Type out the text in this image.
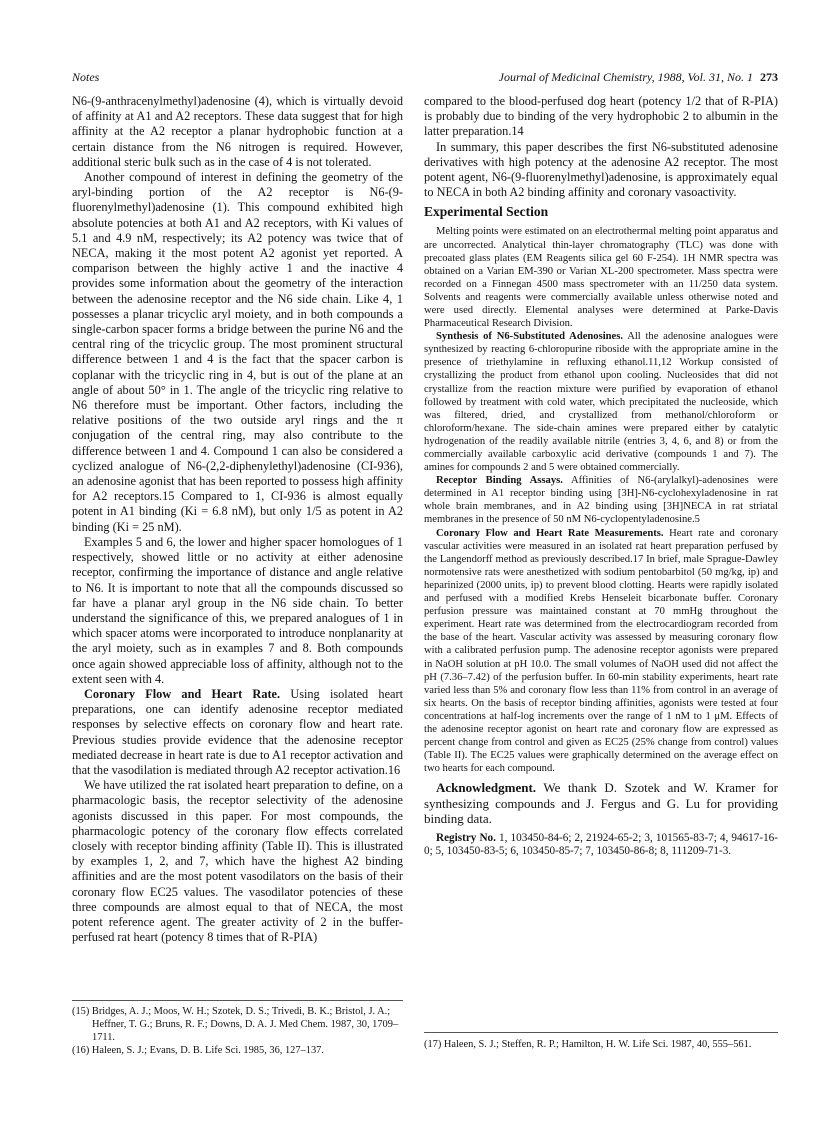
Notes	Journal of Medicinal Chemistry, 1988, Vol. 31, No. 1 273

N6-(9-anthracenylmethyl)adenosine (4), which is virtually devoid of affinity at A1 and A2 receptors. These data suggest that for high affinity at the A2 receptor a planar hydrophobic function at a certain distance from the N6 nitrogen is required. However, additional steric bulk such as in the case of 4 is not tolerated.

Another compound of interest in defining the geometry of the aryl-binding portion of the A2 receptor is N6-(9-fluorenylmethyl)adenosine (1). This compound exhibited high absolute potencies at both A1 and A2 receptors, with Ki values of 5.1 and 4.9 nM, respectively; its A2 potency was twice that of NECA, making it the most potent A2 agonist yet reported. A comparison between the highly active 1 and the inactive 4 provides some information about the geometry of the interaction between the adenosine receptor and the N6 side chain. Like 4, 1 possesses a planar tricyclic aryl moiety, and in both compounds a single-carbon spacer forms a bridge between the purine N6 and the central ring of the tricyclic group. The most prominent structural difference between 1 and 4 is the fact that the spacer carbon is coplanar with the tricyclic ring in 4, but is out of the plane at an angle of about 50° in 1. The angle of the tricyclic ring relative to N6 therefore must be important. Other factors, including the relative positions of the two outside aryl rings and the π conjugation of the central ring, may also contribute to the difference between 1 and 4. Compound 1 can also be considered a cyclized analogue of N6-(2,2-diphenylethyl)adenosine (CI-936), an adenosine agonist that has been reported to possess high affinity for A2 receptors.15 Compared to 1, CI-936 is almost equally potent in A1 binding (Ki = 6.8 nM), but only 1/5 as potent in A2 binding (Ki = 25 nM).

Examples 5 and 6, the lower and higher spacer homologues of 1 respectively, showed little or no activity at either adenosine receptor, confirming the importance of distance and angle relative to N6. It is important to note that all the compounds discussed so far have a planar aryl group in the N6 side chain. To better understand the significance of this, we prepared analogues of 1 in which spacer atoms were incorporated to introduce nonplanarity at the aryl moiety, such as in examples 7 and 8. Both compounds once again showed appreciable loss of affinity, although not to the extent seen with 4.

Coronary Flow and Heart Rate. Using isolated heart preparations, one can identify adenosine receptor mediated responses by selective effects on coronary flow and heart rate. Previous studies provide evidence that the adenosine receptor mediated decrease in heart rate is due to A1 receptor activation and that the vasodilation is mediated through A2 receptor activation.16

We have utilized the rat isolated heart preparation to define, on a pharmacologic basis, the receptor selectivity of the adenosine agonists discussed in this paper. For most compounds, the pharmacologic potency of the coronary flow effects correlated closely with receptor binding affinity (Table II). This is illustrated by examples 1, 2, and 7, which have the highest A2 binding affinities and are the most potent vasodilators on the basis of their coronary flow EC25 values. The vasodilator potencies of these three compounds are almost equal to that of NECA, the most potent reference agent. The greater activity of 2 in the buffer-perfused rat heart (potency 8 times that of R-PIA)

compared to the blood-perfused dog heart (potency 1/2 that of R-PIA) is probably due to binding of the very hydrophobic 2 to albumin in the latter preparation.14

In summary, this paper describes the first N6-substituted adenosine derivatives with high potency at the adenosine A2 receptor. The most potent agent, N6-(9-fluorenylmethyl)adenosine, is approximately equal to NECA in both A2 binding affinity and coronary vasoactivity.

Experimental Section

Melting points were estimated on an electrothermal melting point apparatus and are uncorrected. Analytical thin-layer chromatography (TLC) was done with precoated glass plates (EM Reagents silica gel 60 F-254). 1H NMR spectra was obtained on a Varian EM-390 or Varian XL-200 spectrometer. Mass spectra were recorded on a Finnegan 4500 mass spectrometer with an 11/250 data system. Solvents and reagents were commercially available unless otherwise noted and were used directly. Elemental analyses were determined at Parke-Davis Pharmaceutical Research Division.

Synthesis of N6-Substituted Adenosines. All the adenosine analogues were synthesized by reacting 6-chloropurine riboside with the appropriate amine in the presence of triethylamine in refluxing ethanol.11,12 Workup consisted of crystallizing the product from ethanol upon cooling. Nucleosides that did not crystallize from the reaction mixture were purified by evaporation of ethanol followed by treatment with cold water, which precipitated the nucleoside, which was filtered, dried, and crystallized from methanol/chloroform or chloroform/hexane. The side-chain amines were prepared either by catalytic hydrogenation of the readily available nitrile (entries 3, 4, 6, and 8) or from the commercially available carboxylic acid derivative (compounds 1 and 7). The amines for compounds 2 and 5 were obtained commercially.

Receptor Binding Assays. Affinities of N6-(arylalkyl)-adenosines were determined in A1 receptor binding using [3H]-N6-cyclohexyladenosine in rat whole brain membranes, and in A2 binding using [3H]NECA in rat striatal membranes in the presence of 50 nM N6-cyclopentyladenosine.5

Coronary Flow and Heart Rate Measurements. Heart rate and coronary vascular activities were measured in an isolated rat heart preparation perfused by the Langendorff method as previously described.17 In brief, male Sprague-Dawley normotensive rats were anesthetized with sodium pentobarbitol (50 mg/kg, ip) and heparinized (2000 units, ip) to prevent blood clotting. Hearts were rapidly isolated and perfused with a modified Krebs Henseleit bicarbonate buffer. Coronary perfusion pressure was maintained constant at 70 mmHg throughout the experiment. Heart rate was determined from the electrocardiogram recorded from the base of the heart. Vascular activity was assessed by measuring coronary flow with a calibrated perfusion pump. The adenosine receptor agonists were prepared in NaOH solution at pH 10.0. The small volumes of NaOH used did not affect the pH (7.36–7.42) of the perfusion buffer. In 60-min stability experiments, heart rate varied less than 5% and coronary flow less than 11% from control in an average of six hearts. On the basis of receptor binding affinities, agonists were tested at four concentrations at half-log increments over the range of 1 nM to 1 μM. Effects of the adenosine receptor agonist on heart rate and coronary flow are expressed as percent change from control and given as EC25 (25% change from control) values (Table II). The EC25 values were graphically determined on the average effect on two hearts for each compound.

Acknowledgment. We thank D. Szotek and W. Kramer for synthesizing compounds and J. Fergus and G. Lu for providing binding data.

Registry No. 1, 103450-84-6; 2, 21924-65-2; 3, 101565-83-7; 4, 94617-16-0; 5, 103450-83-5; 6, 103450-85-7; 7, 103450-86-8; 8, 111209-71-3.

(15) Bridges, A. J.; Moos, W. H.; Szotek, D. S.; Trivedi, B. K.; Bristol, J. A.; Heffner, T. G.; Bruns, R. F.; Downs, D. A. J. Med Chem. 1987, 30, 1709–1711.

(16) Haleen, S. J.; Evans, D. B. Life Sci. 1985, 36, 127–137.

(17) Haleen, S. J.; Steffen, R. P.; Hamilton, H. W. Life Sci. 1987, 40, 555–561.
